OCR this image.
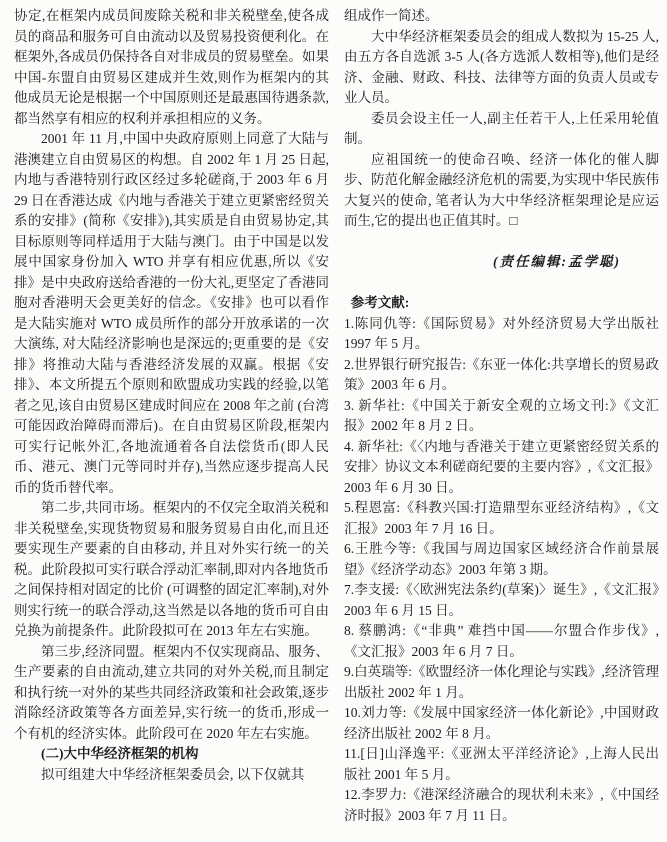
协定,在框架内成员间废除关税和非关税壁垒,使各成员的商品和服务可自由流动以及贸易投资便利化。在框架外,各成员仍保持各自对非成员的贸易壁垒。如果中国-东盟自由贸易区建成并生效,则作为框架内的其他成员无论是根据一个中国原则还是最惠国待遇条款, 都当然享有相应的权利并承担相应的义务。

2001 年 11 月,中国中央政府原则上同意了大陆与港澳建立自由贸易区的构想。自 2002 年 1 月 25 日起, 内地与香港特别行政区经过多轮磋商,于 2003 年 6 月 29 日在香港达成《内地与香港关于建立更紧密经贸关系的安排》(简称《安排》),其实质是自由贸易协定,其目标原则等同样适用于大陆与澳门。由于中国是以发展中国家身份加入 WTO 并享有相应优惠,所以《安排》是中央政府送给香港的一份大礼,更坚定了香港同胞对香港明天会更美好的信念。《安排》也可以看作是大陆实施对 WTO 成员所作的部分开放承诺的一次大演练, 对大陆经济影响也是深远的;更重要的是《安排》将推动大陆与香港经济发展的双赢。根据《安排》、本文所提五个原则和欧盟成功实践的经验,以笔者之见,该自由贸易区建成时间应在 2008 年之前 (台湾可能因政治障碍而滞后)。在自由贸易区阶段,框架内可实行记帐外汇,各地流通着各自法偿货币(即人民币、港元、澳门元等同时并存),当然应逐步提高人民币的货币替代率。

第二步,共同市场。框架内的不仅完全取消关税和非关税壁垒,实现货物贸易和服务贸易自由化,而且还要实现生产要素的自由移动, 并且对外实行统一的关税。此阶段拟可实行联合浮动汇率制,即对内各地货币之间保持相对固定的比价 (可调整的固定汇率制),对外则实行统一的联合浮动,这当然是以各地的货币可自由兑换为前提条件。此阶段拟可在 2013 年左右实施。

第三步,经济同盟。框架内不仅实现商品、服务、生产要素的自由流动,建立共同的对外关税,而且制定和执行统一对外的某些共同经济政策和社会政策,逐步消除经济政策等各方面差异,实行统一的货币,形成一个有机的经济实体。此阶段可在 2020 年左右实施。

(二)大中华经济框架的机构

拟可组建大中华经济框架委员会, 以下仅就其

组成作一简述。

大中华经济框架委员会的组成人数拟为 15-25 人,由五方各自选派 3-5 人(各方选派人数相等),他们是经济、金融、财政、科技、法律等方面的负责人员或专业人员。

委员会设主任一人,副主任若干人,上任采用轮值制。

应祖国统一的使命召唤、经济一体化的催人脚步、防范化解金融经济危机的需要,为实现中华民族伟大复兴的使命, 笔者认为大中华经济框架理论是应运而生,它的提出也正值其时。□

(责任编辑:孟学聪)

参考文献:

1.陈同仇等:《国际贸易》对外经济贸易大学出版社 1997 年 5 月。

2.世界银行研究报告:《东亚一体化:共享增长的贸易政策》2003 年 6 月。

3. 新华社:《中国关于新安全观的立场文刊:》《文汇报》2002 年 8 月 2 日。

4. 新华社:《〈内地与香港关于建立更紧密经贸关系的安排〉协议文本利磋商纪要的主要内容》,《文汇报》2003 年 6 月 30 日。

5.程恩富:《科教兴国:打造鼎型东亚经济结构》,《文汇报》2003 年 7 月 16 日。

6.王胜今等:《我国与周边国家区域经济合作前景展望》《经济学动态》2003 年第 3 期。

7.李支援:《〈欧洲宪法条约(草案)〉诞生》,《文汇报》2003 年 6 月 15 日。

8. 蔡鹏鸿:《“非典” 难挡中国——尔盟合作步伐》,《文汇报》2003 年 6 月 7 日。

9.白英瑞等:《欧盟经济一体化理论与实践》,经济管理出版社 2002 年 1 月。

10.刘力等:《发展中国家经济一体化新论》,中国财政经济出版社 2002 年 8 月。

11.[日]山泽逸平:《亚洲太平洋经济论》,上海人民出版社 2001 年 5 月。

12.李罗力:《港深经济融合的现状利未来》,《中国经济时报》2003 年 7 月 11 日。
